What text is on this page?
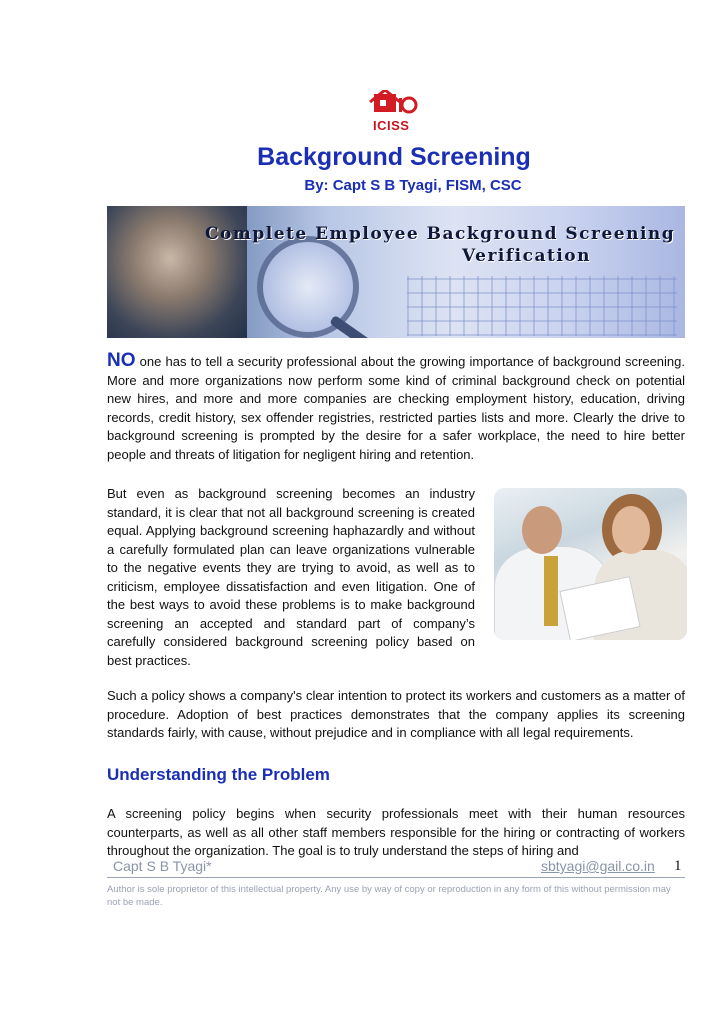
ICISS
Background Screening
By: Capt S B Tyagi, FISM, CSC
Complete Employee Background Screening
Verification

NO one has to tell a security professional about the growing importance of background screening. More and more organizations now perform some kind of criminal background check on potential new hires, and more and more companies are checking employment history, education, driving records, credit history, sex offender registries, restricted parties lists and more. Clearly the drive to background screening is prompted by the desire for a safer workplace, the need to hire better people and threats of litigation for negligent hiring and retention.

But even as background screening becomes an industry standard, it is clear that not all background screening is created equal. Applying background screening haphazardly and without a carefully formulated plan can leave organizations vulnerable to the negative events they are trying to avoid, as well as to criticism, employee dissatisfaction and even litigation. One of the best ways to avoid these problems is to make background screening an accepted and standard part of company’s carefully considered background screening policy based on best practices.

Such a policy shows a company's clear intention to protect its workers and customers as a matter of procedure. Adoption of best practices demonstrates that the company applies its screening standards fairly, with cause, without prejudice and in compliance with all legal requirements.

Understanding the Problem

A screening policy begins when security professionals meet with their human resources counterparts, as well as all other staff members responsible for the hiring or contracting of workers throughout the organization. The goal is to truly understand the steps of hiring and

Capt S B Tyagi*	sbtyagi@gail.co.in 1

Author is sole proprietor of this intellectual property. Any use by way of copy or reproduction in any form of this without permission may not be made.
